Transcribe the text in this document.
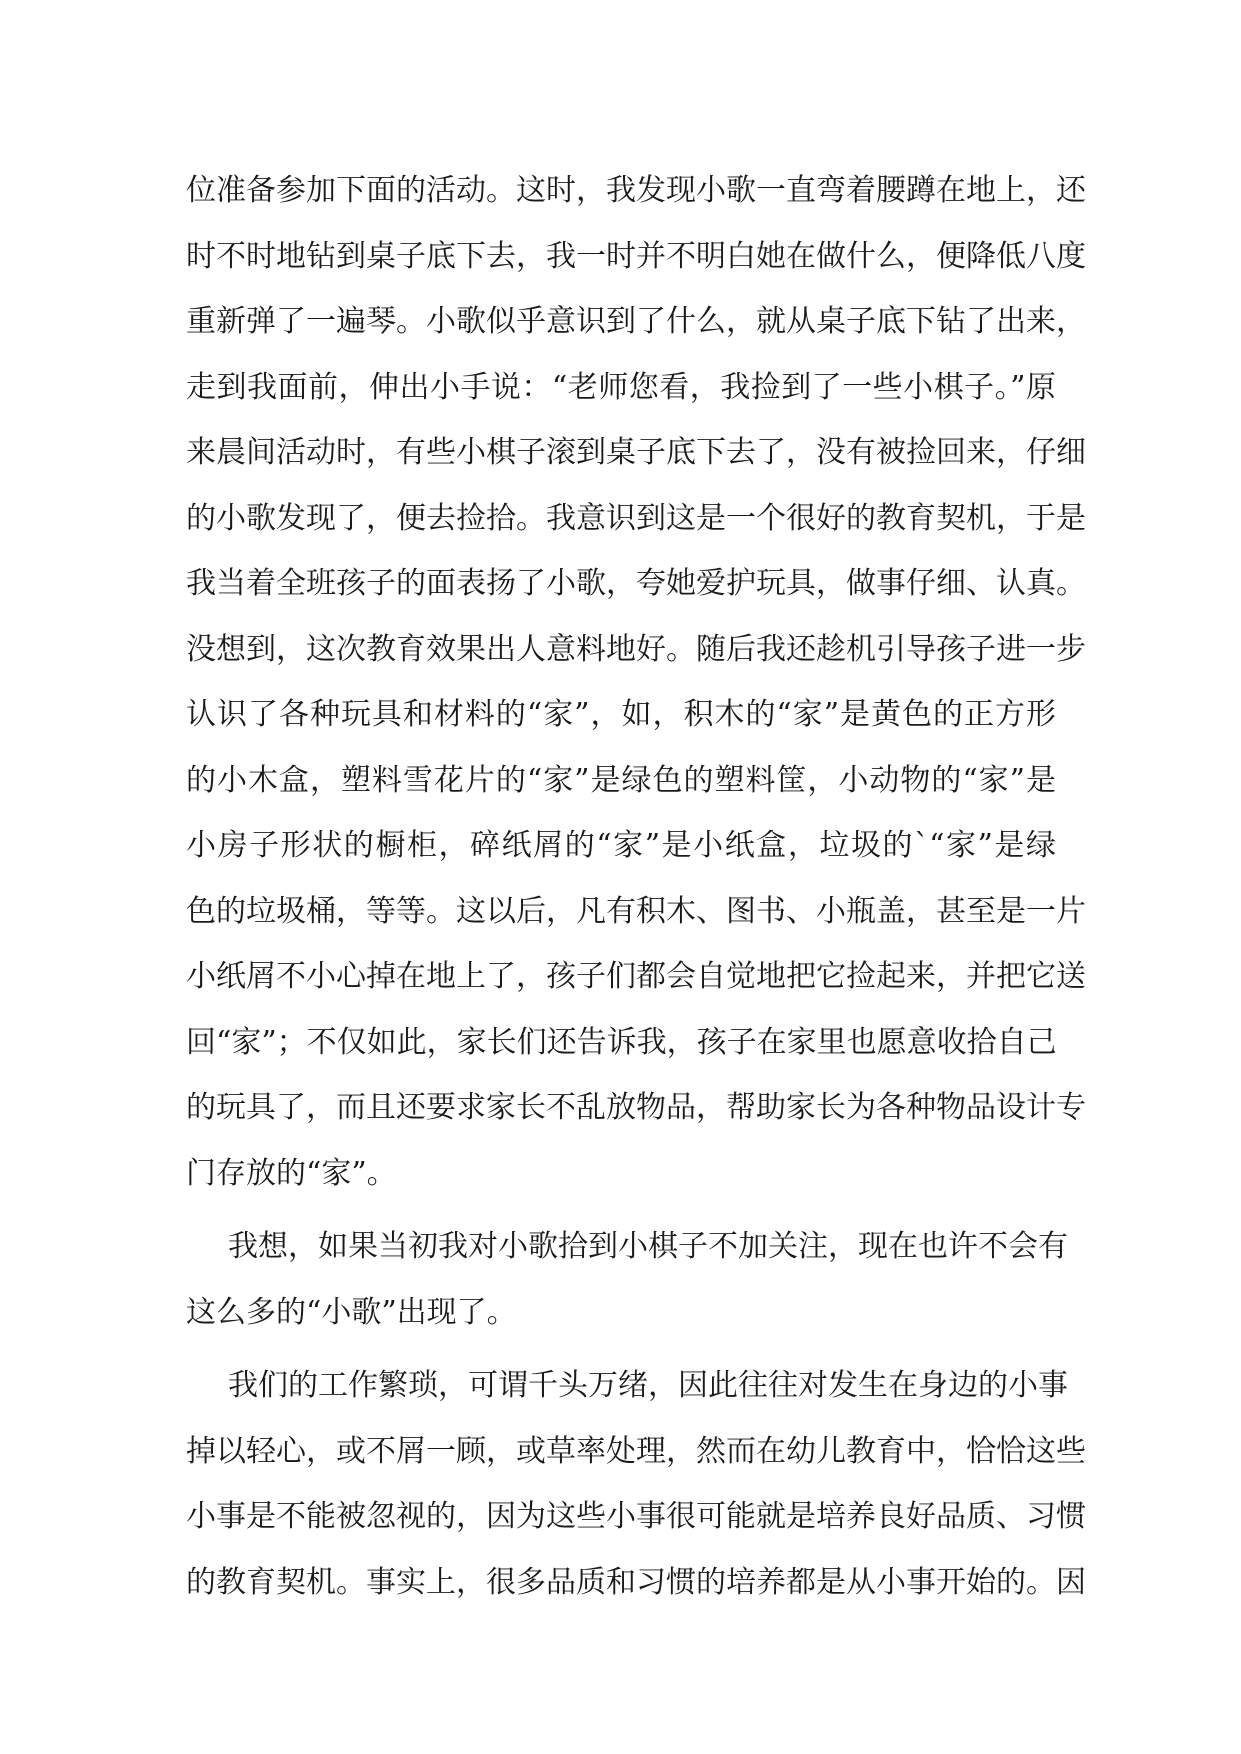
位准备参加下面的活动。这时，我发现小歌一直弯着腰蹲在地上，还
时不时地钻到桌子底下去，我一时并不明白她在做什么，便降低八度
重新弹了一遍琴。小歌似乎意识到了什么，就从桌子底下钻了出来，
走到我面前，伸出小手说：“老师您看，我捡到了一些小棋子。”原
来晨间活动时，有些小棋子滚到桌子底下去了，没有被捡回来，仔细
的小歌发现了，便去捡拾。我意识到这是一个很好的教育契机，于是
我当着全班孩子的面表扬了小歌，夸她爱护玩具，做事仔细、认真。
没想到，这次教育效果出人意料地好。随后我还趁机引导孩子进一步
认识了各种玩具和材料的“家”，如，积木的“家”是黄色的正方形
的小木盒，塑料雪花片的“家”是绿色的塑料筐，小动物的“家”是
小房子形状的橱柜，碎纸屑的“家”是小纸盒，垃圾的`“家”是绿
色的垃圾桶，等等。这以后，凡有积木、图书、小瓶盖，甚至是一片
小纸屑不小心掉在地上了，孩子们都会自觉地把它捡起来，并把它送
回“家”；不仅如此，家长们还告诉我，孩子在家里也愿意收拾自己
的玩具了，而且还要求家长不乱放物品，帮助家长为各种物品设计专
门存放的“家”。
我想，如果当初我对小歌拾到小棋子不加关注，现在也许不会有
这么多的“小歌”出现了。
我们的工作繁琐，可谓千头万绪，因此往往对发生在身边的小事
掉以轻心，或不屑一顾，或草率处理，然而在幼儿教育中，恰恰这些
小事是不能被忽视的，因为这些小事很可能就是培养良好品质、习惯
的教育契机。事实上，很多品质和习惯的培养都是从小事开始的。因
